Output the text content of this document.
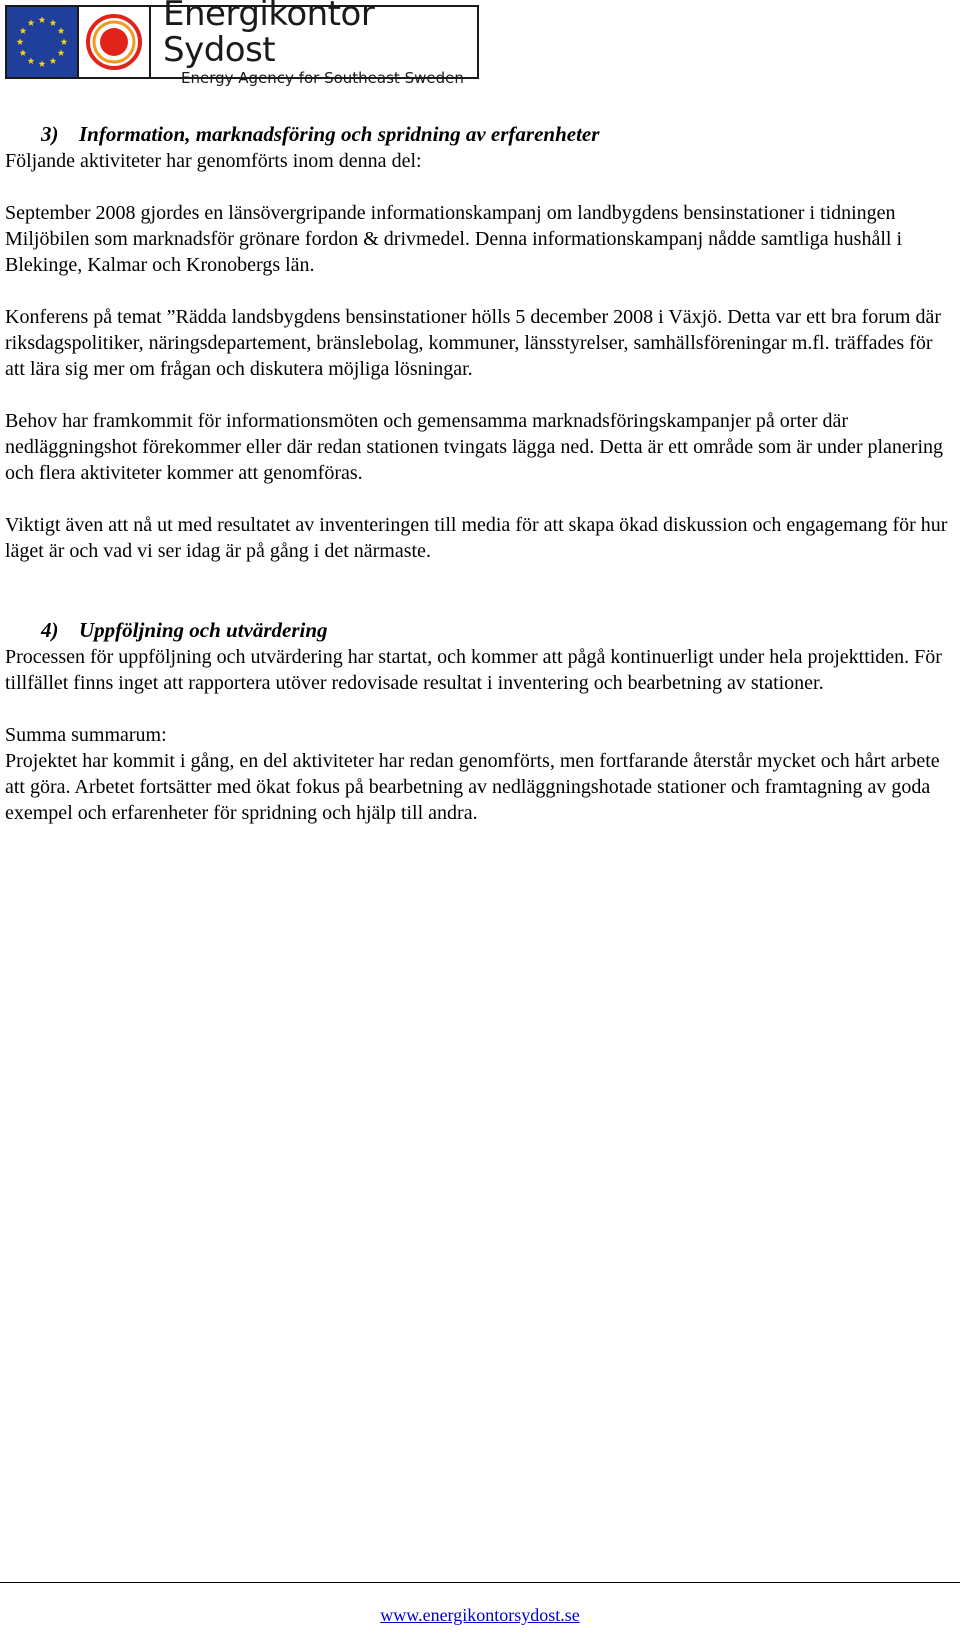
Energikontor Sydost
Energy Agency for Southeast Sweden
3) Information, marknadsföring och spridning av erfarenheter

Följande aktiviteter har genomförts inom denna del:

September 2008 gjordes en länsövergripande informationskampanj om landbygdens bensinstationer i tidningen Miljöbilen som marknadsför grönare fordon & drivmedel. Denna informationskampanj nådde samtliga hushåll i Blekinge, Kalmar och Kronobergs län.

Konferens på temat ”Rädda landsbygdens bensinstationer hölls 5 december 2008 i Växjö. Detta var ett bra forum där riksdagspolitiker, näringsdepartement, bränslebolag, kommuner, länsstyrelser, samhällsföreningar m.fl. träffades för att lära sig mer om frågan och diskutera möjliga lösningar.

Behov har framkommit för informationsmöten och gemensamma marknadsföringskampanjer på orter där nedläggningshot förekommer eller där redan stationen tvingats lägga ned. Detta är ett område som är under planering och flera aktiviteter kommer att genomföras.

Viktigt även att nå ut med resultatet av inventeringen till media för att skapa ökad diskussion och engagemang för hur läget är och vad vi ser idag är på gång i det närmaste.

4) Uppföljning och utvärdering

Processen för uppföljning och utvärdering har startat, och kommer att pågå kontinuerligt under hela projekttiden. För tillfället finns inget att rapportera utöver redovisade resultat i inventering och bearbetning av stationer.

Summa summarum:

Projektet har kommit i gång, en del aktiviteter har redan genomförts, men fortfarande återstår mycket och hårt arbete att göra. Arbetet fortsätter med ökat fokus på bearbetning av nedläggningshotade stationer och framtagning av goda exempel och erfarenheter för spridning och hjälp till andra.

www.energikontorsydost.se
